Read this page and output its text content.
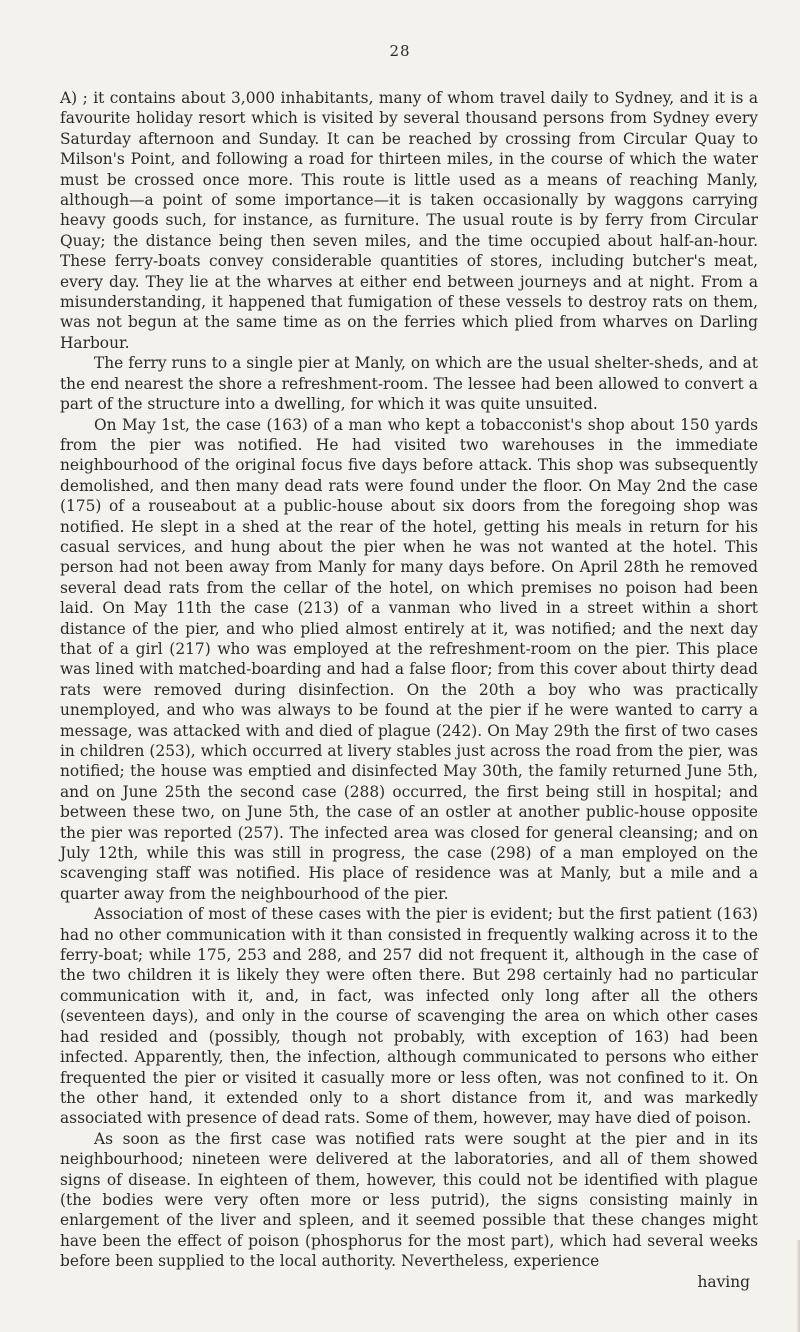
28

A) ; it contains about 3,000 inhabitants, many of whom travel daily to Sydney, and it is a favourite holiday resort which is visited by several thousand persons from Sydney every Saturday afternoon and Sunday. It can be reached by crossing from Circular Quay to Milson's Point, and following a road for thirteen miles, in the course of which the water must be crossed once more. This route is little used as a means of reaching Manly, although—a point of some importance—it is taken occasionally by waggons carrying heavy goods such, for instance, as furniture. The usual route is by ferry from Circular Quay; the distance being then seven miles, and the time occupied about half-an-hour. These ferry-boats convey considerable quantities of stores, including butcher's meat, every day. They lie at the wharves at either end between journeys and at night. From a misunderstanding, it happened that fumigation of these vessels to destroy rats on them, was not begun at the same time as on the ferries which plied from wharves on Darling Harbour.

The ferry runs to a single pier at Manly, on which are the usual shelter-sheds, and at the end nearest the shore a refreshment-room. The lessee had been allowed to convert a part of the structure into a dwelling, for which it was quite unsuited.

On May 1st, the case (163) of a man who kept a tobacconist's shop about 150 yards from the pier was notified. He had visited two warehouses in the immediate neighbourhood of the original focus five days before attack. This shop was subsequently demolished, and then many dead rats were found under the floor. On May 2nd the case (175) of a rouseabout at a public-house about six doors from the foregoing shop was notified. He slept in a shed at the rear of the hotel, getting his meals in return for his casual services, and hung about the pier when he was not wanted at the hotel. This person had not been away from Manly for many days before. On April 28th he removed several dead rats from the cellar of the hotel, on which premises no poison had been laid. On May 11th the case (213) of a vanman who lived in a street within a short distance of the pier, and who plied almost entirely at it, was notified; and the next day that of a girl (217) who was employed at the refreshment-room on the pier. This place was lined with matched-boarding and had a false floor; from this cover about thirty dead rats were removed during disinfection. On the 20th a boy who was practically unemployed, and who was always to be found at the pier if he were wanted to carry a message, was attacked with and died of plague (242). On May 29th the first of two cases in children (253), which occurred at livery stables just across the road from the pier, was notified; the house was emptied and disinfected May 30th, the family returned June 5th, and on June 25th the second case (288) occurred, the first being still in hospital; and between these two, on June 5th, the case of an ostler at another public-house opposite the pier was reported (257). The infected area was closed for general cleansing; and on July 12th, while this was still in progress, the case (298) of a man employed on the scavenging staff was notified. His place of residence was at Manly, but a mile and a quarter away from the neighbourhood of the pier.

Association of most of these cases with the pier is evident; but the first patient (163) had no other communication with it than consisted in frequently walking across it to the ferry-boat; while 175, 253 and 288, and 257 did not frequent it, although in the case of the two children it is likely they were often there. But 298 certainly had no particular communication with it, and, in fact, was infected only long after all the others (seventeen days), and only in the course of scavenging the area on which other cases had resided and (possibly, though not probably, with exception of 163) had been infected. Apparently, then, the infection, although communicated to persons who either frequented the pier or visited it casually more or less often, was not confined to it. On the other hand, it extended only to a short distance from it, and was markedly associated with presence of dead rats. Some of them, however, may have died of poison.

As soon as the first case was notified rats were sought at the pier and in its neighbourhood; nineteen were delivered at the laboratories, and all of them showed signs of disease. In eighteen of them, however, this could not be identified with plague (the bodies were very often more or less putrid), the signs consisting mainly in enlargement of the liver and spleen, and it seemed possible that these changes might have been the effect of poison (phosphorus for the most part), which had several weeks before been supplied to the local authority. Nevertheless, experience

having
